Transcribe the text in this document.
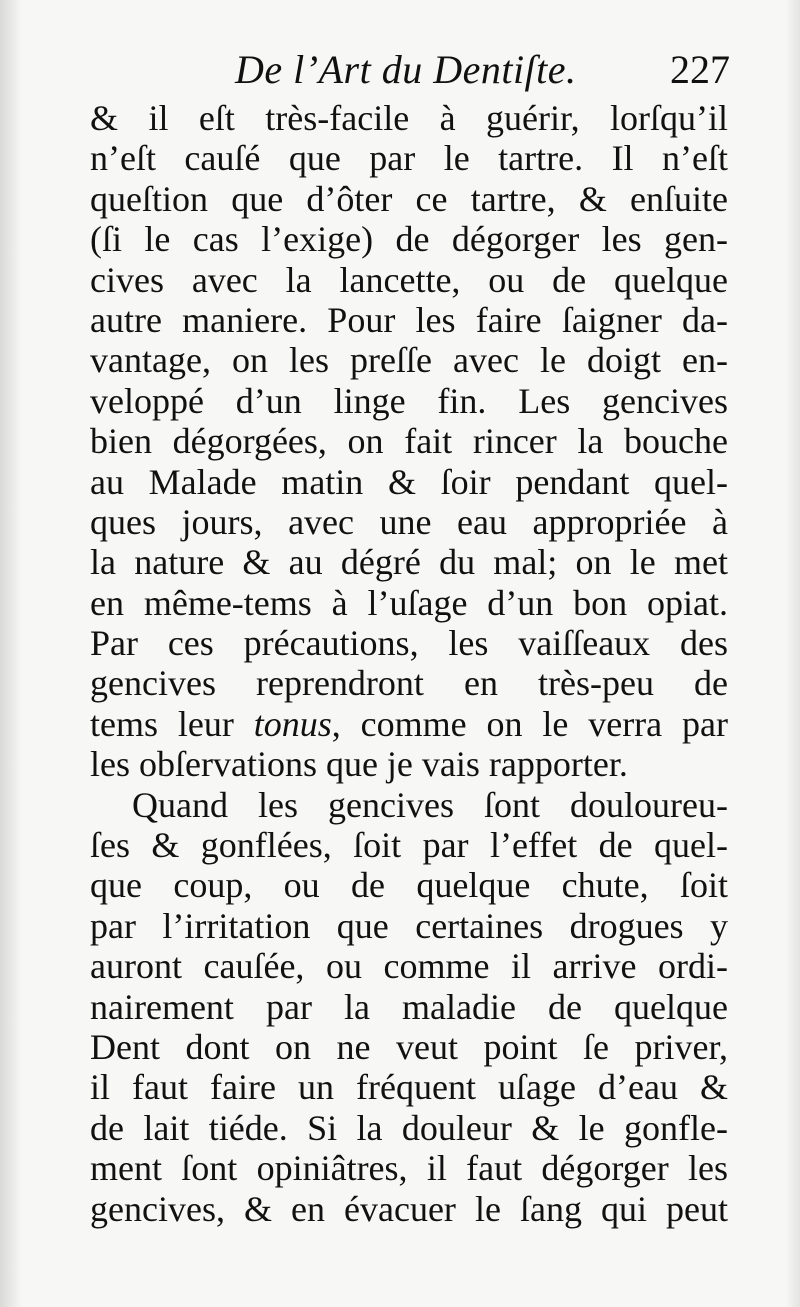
De l’Art du Dentiſte. 227
& il eſt très-facile à guérir, lorſqu’il
n’eſt cauſé que par le tartre. Il n’eſt
queſtion que d’ôter ce tartre, & enſuite
(ſi le cas l’exige) de dégorger les gen-
cives avec la lancette, ou de quelque
autre maniere. Pour les faire ſaigner da-
vantage, on les preſſe avec le doigt en-
veloppé d’un linge fin. Les gencives
bien dégorgées, on fait rincer la bouche
au Malade matin & ſoir pendant quel-
ques jours, avec une eau appropriée à
la nature & au dégré du mal; on le met
en même-tems à l’uſage d’un bon opiat.
Par ces précautions, les vaiſſeaux des
gencives reprendront en très-peu de
tems leur tonus, comme on le verra par
les obſervations que je vais rapporter.
Quand les gencives ſont douloureu-
ſes & gonflées, ſoit par l’effet de quel-
que coup, ou de quelque chute, ſoit
par l’irritation que certaines drogues y
auront cauſée, ou comme il arrive ordi-
nairement par la maladie de quelque
Dent dont on ne veut point ſe priver,
il faut faire un fréquent uſage d’eau &
de lait tiéde. Si la douleur & le gonfle-
ment ſont opiniâtres, il faut dégorger les
gencives, & en évacuer le ſang qui peut
